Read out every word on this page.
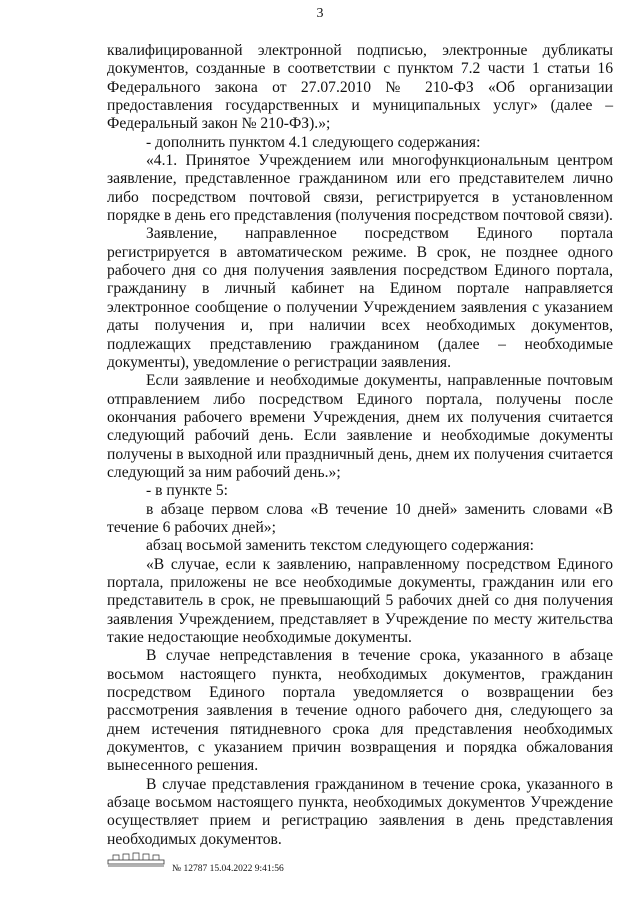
3

квалифицированной электронной подписью, электронные дубликаты документов, созданные в соответствии с пунктом 7.2 части 1 статьи 16 Федерального закона от 27.07.2010 № 210-ФЗ «Об организации предоставления государственных и муниципальных услуг» (далее – Федеральный закон № 210-ФЗ).»;

- дополнить пунктом 4.1 следующего содержания:

«4.1. Принятое Учреждением или многофункциональным центром заявление, представленное гражданином или его представителем лично либо посредством почтовой связи, регистрируется в установленном порядке в день его представления (получения посредством почтовой связи).

Заявление, направленное посредством Единого портала регистрируется в автоматическом режиме. В срок, не позднее одного рабочего дня со дня получения заявления посредством Единого портала, гражданину в личный кабинет на Едином портале направляется электронное сообщение о получении Учреждением заявления с указанием даты получения и, при наличии всех необходимых документов, подлежащих представлению гражданином (далее – необходимые документы), уведомление о регистрации заявления.

Если заявление и необходимые документы, направленные почтовым отправлением либо посредством Единого портала, получены после окончания рабочего времени Учреждения, днем их получения считается следующий рабочий день. Если заявление и необходимые документы получены в выходной или праздничный день, днем их получения считается следующий за ним рабочий день.»;

- в пункте 5:

в абзаце первом слова «В течение 10 дней» заменить словами «В течение 6 рабочих дней»;

абзац восьмой заменить текстом следующего содержания:

«В случае, если к заявлению, направленному посредством Единого портала, приложены не все необходимые документы, гражданин или его представитель в срок, не превышающий 5 рабочих дней со дня получения заявления Учреждением, представляет в Учреждение по месту жительства такие недостающие необходимые документы.

В случае непредставления в течение срока, указанного в абзаце восьмом настоящего пункта, необходимых документов, гражданин посредством Единого портала уведомляется о возвращении без рассмотрения заявления в течение одного рабочего дня, следующего за днем истечения пятидневного срока для представления необходимых документов, с указанием причин возвращения и порядка обжалования вынесенного решения.

В случае представления гражданином в течение срока, указанного в абзаце восьмом настоящего пункта, необходимых документов Учреждение осуществляет прием и регистрацию заявления в день представления необходимых документов.

№ 12787 15.04.2022 9:41:56
